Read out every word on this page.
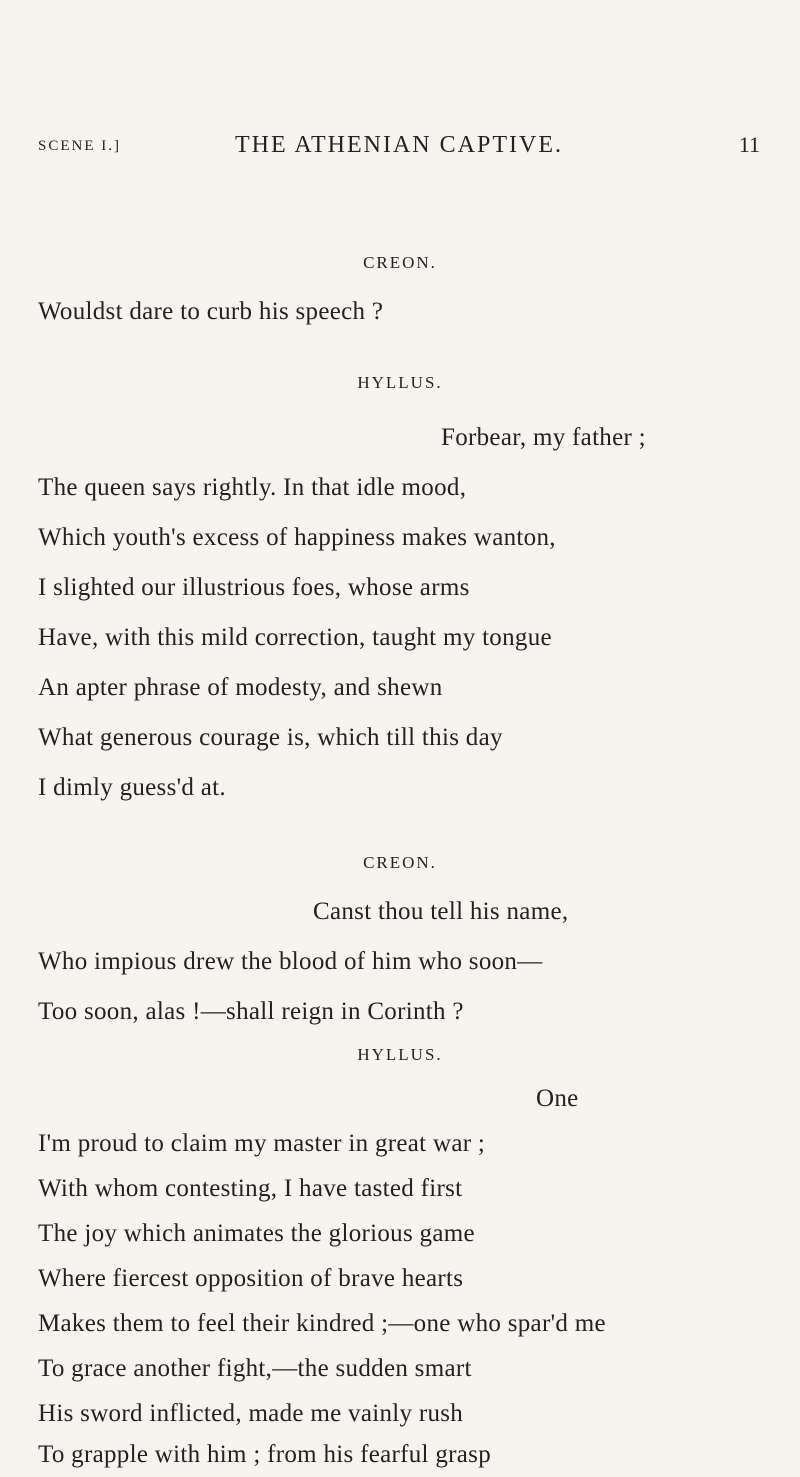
SCENE I.]	THE ATHENIAN CAPTIVE.	11
CREON.
Wouldst dare to curb his speech ?
HYLLUS.
Forbear, my father ;
The queen says rightly. In that idle mood,
Which youth's excess of happiness makes wanton,
I slighted our illustrious foes, whose arms
Have, with this mild correction, taught my tongue
An apter phrase of modesty, and shewn
What generous courage is, which till this day
I dimly guess'd at.
CREON.
Canst thou tell his name,
Who impious drew the blood of him who soon—
Too soon, alas !—shall reign in Corinth ?
HYLLUS.
One
I'm proud to claim my master in great war ;
With whom contesting, I have tasted first
The joy which animates the glorious game
Where fiercest opposition of brave hearts
Makes them to feel their kindred ;—one who spar'd me
To grace another fight,—the sudden smart
His sword inflicted, made me vainly rush
To grapple with him ; from his fearful grasp
